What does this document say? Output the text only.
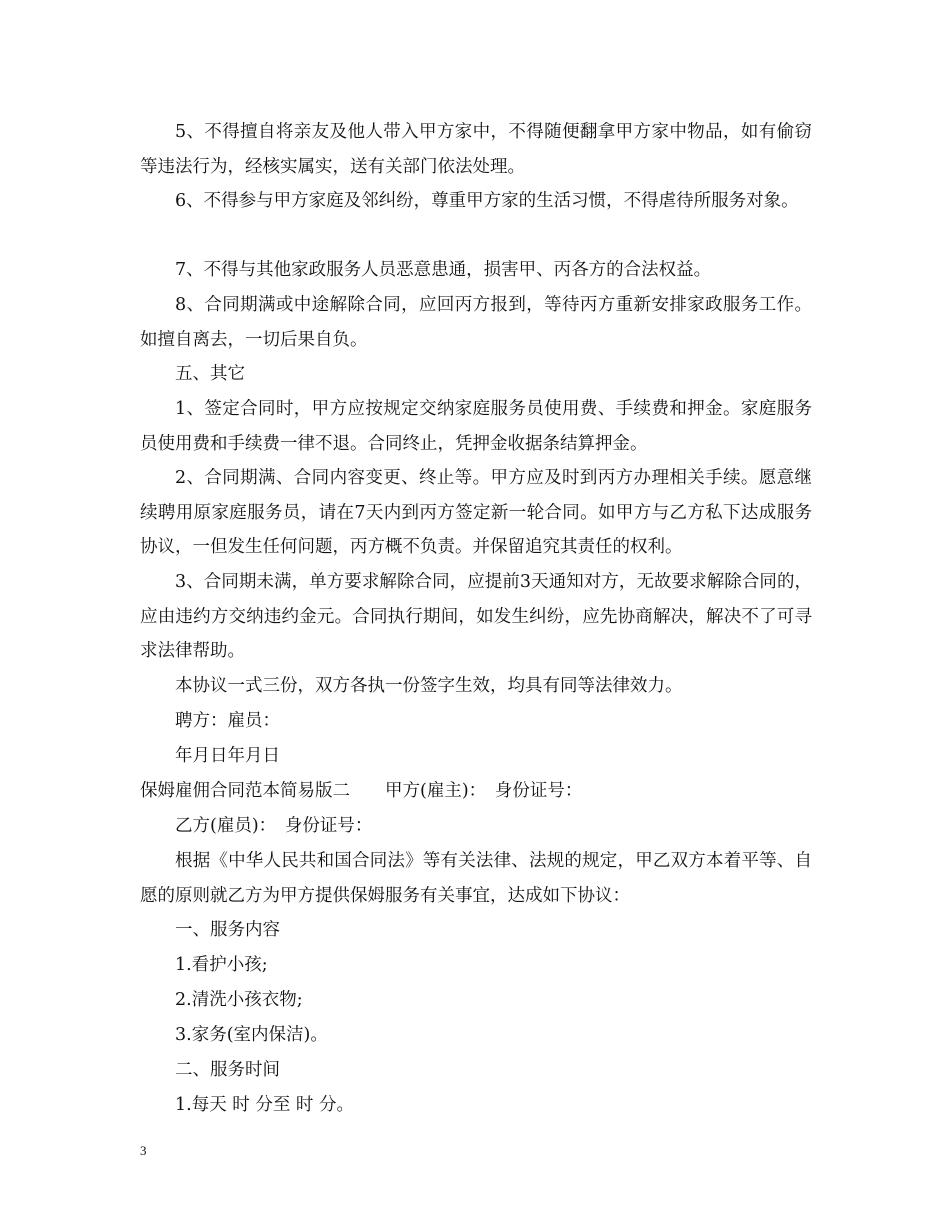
5、不得擅自将亲友及他人带入甲方家中，不得随便翻拿甲方家中物品，如有偷窃等违法行为，经核实属实，送有关部门依法处理。

6、不得参与甲方家庭及邻纠纷，尊重甲方家的生活习惯，不得虐待所服务对象。

7、不得与其他家政服务人员恶意患通，损害甲、丙各方的合法权益。

8、合同期满或中途解除合同，应回丙方报到，等待丙方重新安排家政服务工作。如擅自离去，一切后果自负。

五、其它

1、签定合同时，甲方应按规定交纳家庭服务员使用费、手续费和押金。家庭服务员使用费和手续费一律不退。合同终止，凭押金收据条结算押金。

2、合同期满、合同内容变更、终止等。甲方应及时到丙方办理相关手续。愿意继续聘用原家庭服务员，请在7天内到丙方签定新一轮合同。如甲方与乙方私下达成服务协议，一但发生任何问题，丙方概不负责。并保留追究其责任的权利。

3、合同期未满，单方要求解除合同，应提前3天通知对方，无故要求解除合同的，应由违约方交纳违约金元。合同执行期间，如发生纠纷，应先协商解决，解决不了可寻求法律帮助。

本协议一式三份，双方各执一份签字生效，均具有同等法律效力。

聘方：雇员：

年月日年月日

保姆雇佣合同范本简易版二　　甲方(雇主)：　身份证号：

乙方(雇员)：　身份证号：

根据《中华人民共和国合同法》等有关法律、法规的规定，甲乙双方本着平等、自愿的原则就乙方为甲方提供保姆服务有关事宜，达成如下协议：

一、服务内容

1.看护小孩;

2.清洗小孩衣物;

3.家务(室内保洁)。

二、服务时间

1.每天 时 分至 时 分。

3
